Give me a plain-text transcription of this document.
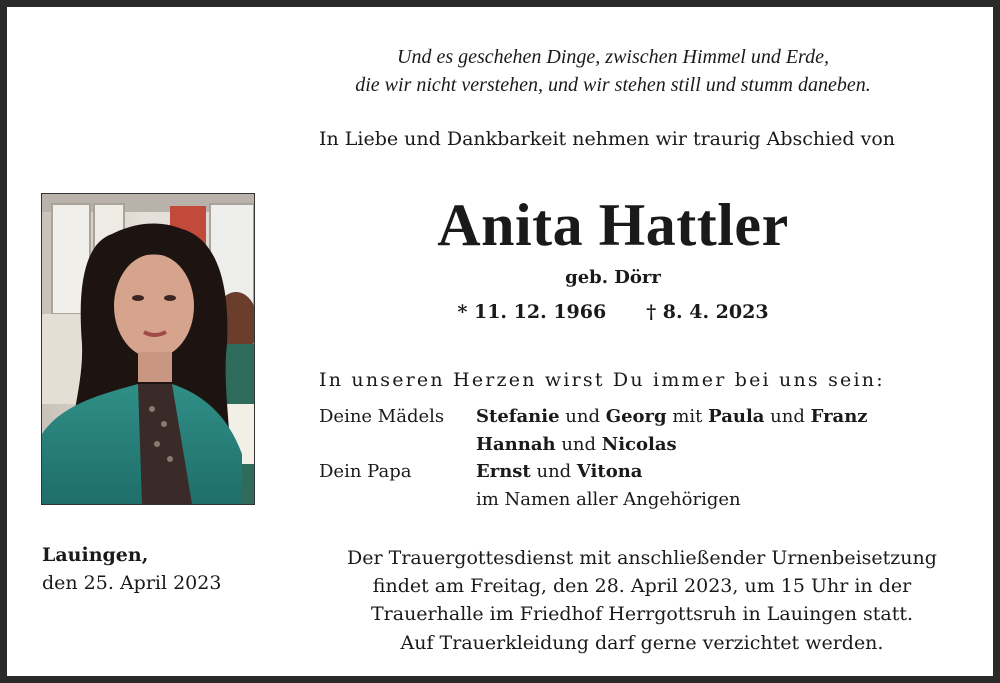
Und es geschehen Dinge, zwischen Himmel und Erde,
die wir nicht verstehen, und wir stehen still und stumm daneben.
In Liebe und Dankbarkeit nehmen wir traurig Abschied von
Anita Hattler
geb. Dörr
* 11. 12. 1966 † 8. 4. 2023
In unseren Herzen wirst Du immer bei uns sein:
Deine Mädels Stefanie und Georg mit Paula und Franz
Hannah und Nicolas
Dein Papa	Ernst und Vitona
im Namen aller Angehörigen
Lauingen,
den 25. April 2023
Der Trauergottesdienst mit anschließender Urnenbeisetzung
findet am Freitag, den 28. April 2023, um 15 Uhr in der
Trauerhalle im Friedhof Herrgottsruh in Lauingen statt.
Auf Trauerkleidung darf gerne verzichtet werden.
